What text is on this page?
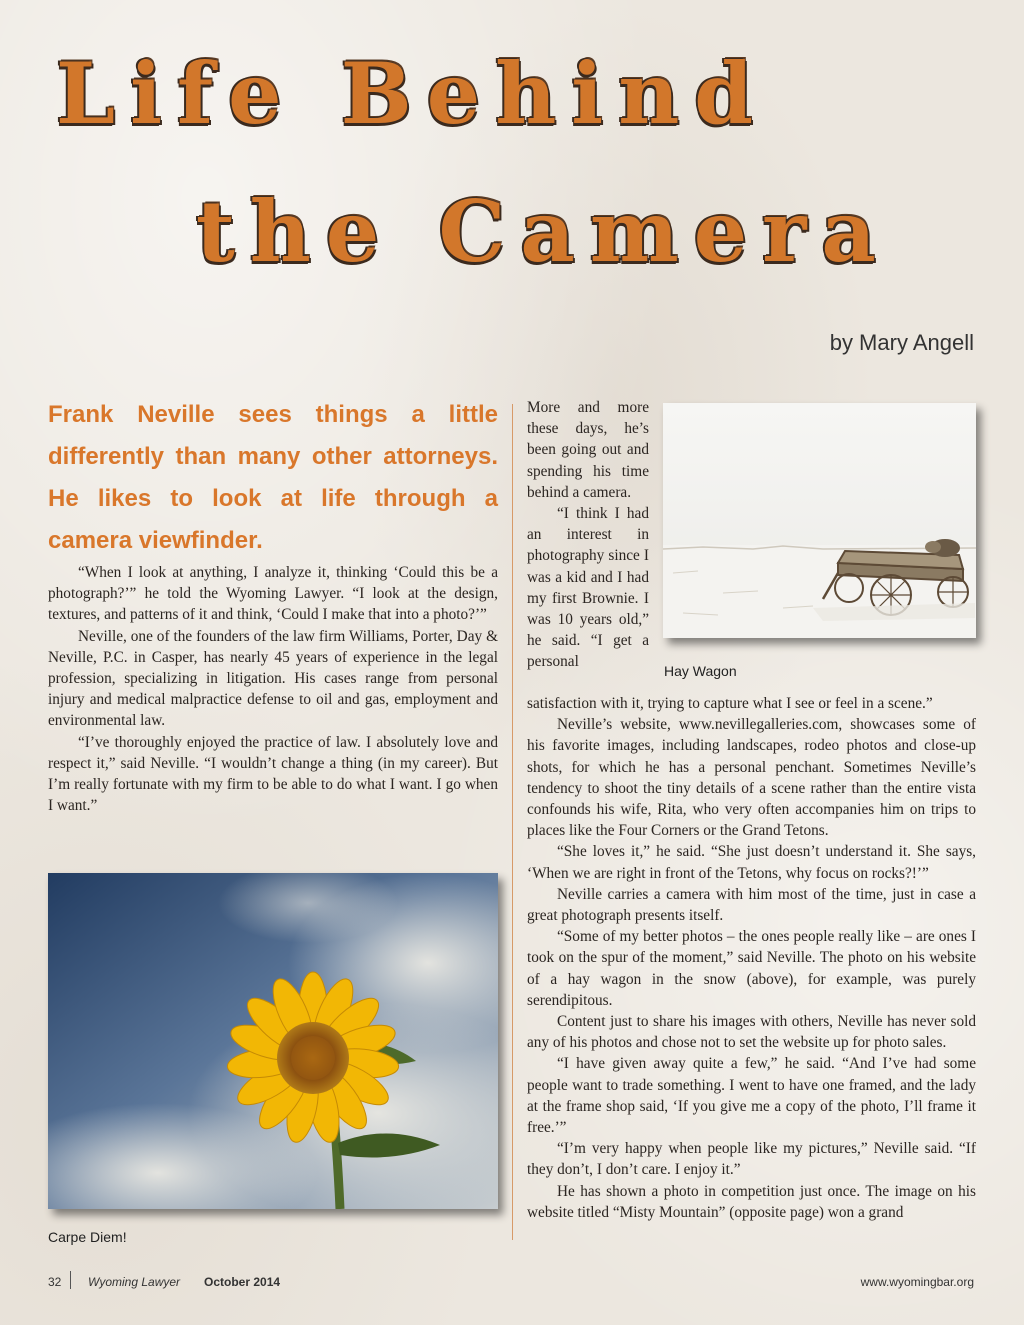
Life Behind
the Camera
by Mary Angell

Frank Neville sees things a little differently than many other attorneys. He likes to look at life through a camera viewfinder.

“When I look at anything, I analyze it, thinking ‘Could this be a photograph?’” he told the Wyoming Lawyer. “I look at the design, textures, and patterns of it and think, ‘Could I make that into a photo?’”

Neville, one of the founders of the law firm Williams, Porter, Day & Neville, P.C. in Casper, has nearly 45 years of experience in the legal profession, specializing in litigation. His cases range from personal injury and medical malpractice defense to oil and gas, employment and environmental law.

“I’ve thoroughly enjoyed the practice of law. I absolutely love and respect it,” said Neville. “I wouldn’t change a thing (in my career). But I’m really fortunate with my firm to be able to do what I want. I go when I want.”

More and more these days, he’s been going out and spending his time behind a camera.

“I think I had an interest in photography since I was a kid and I had my first Brownie. I was 10 years old,” he said. “I get a personal

Hay Wagon

satisfaction with it, trying to capture what I see or feel in a scene.”

Neville’s website, www.nevillegalleries.com, showcases some of his favorite images, including landscapes, rodeo photos and close-up shots, for which he has a personal penchant. Sometimes Neville’s tendency to shoot the tiny details of a scene rather than the entire vista confounds his wife, Rita, who very often accompanies him on trips to places like the Four Corners or the Grand Tetons.

“She loves it,” he said. “She just doesn’t understand it. She says, ‘When we are right in front of the Tetons, why focus on rocks?!’”

Neville carries a camera with him most of the time, just in case a great photograph presents itself.

“Some of my better photos – the ones people really like – are ones I took on the spur of the moment,” said Neville. The photo on his website of a hay wagon in the snow (above), for example, was purely serendipitous.

Content just to share his images with others, Neville has never sold any of his photos and chose not to set the website up for photo sales.

“I have given away quite a few,” he said. “And I’ve had some people want to trade something. I went to have one framed, and the lady at the frame shop said, ‘If you give me a copy of the photo, I’ll frame it free.’”

“I’m very happy when people like my pictures,” Neville said. “If they don’t, I don’t care. I enjoy it.”

He has shown a photo in competition just once. The image on his website titled “Misty Mountain” (opposite page) won a grand

Carpe Diem!
32 Wyoming Lawyer October 2014	www.wyomingbar.org
